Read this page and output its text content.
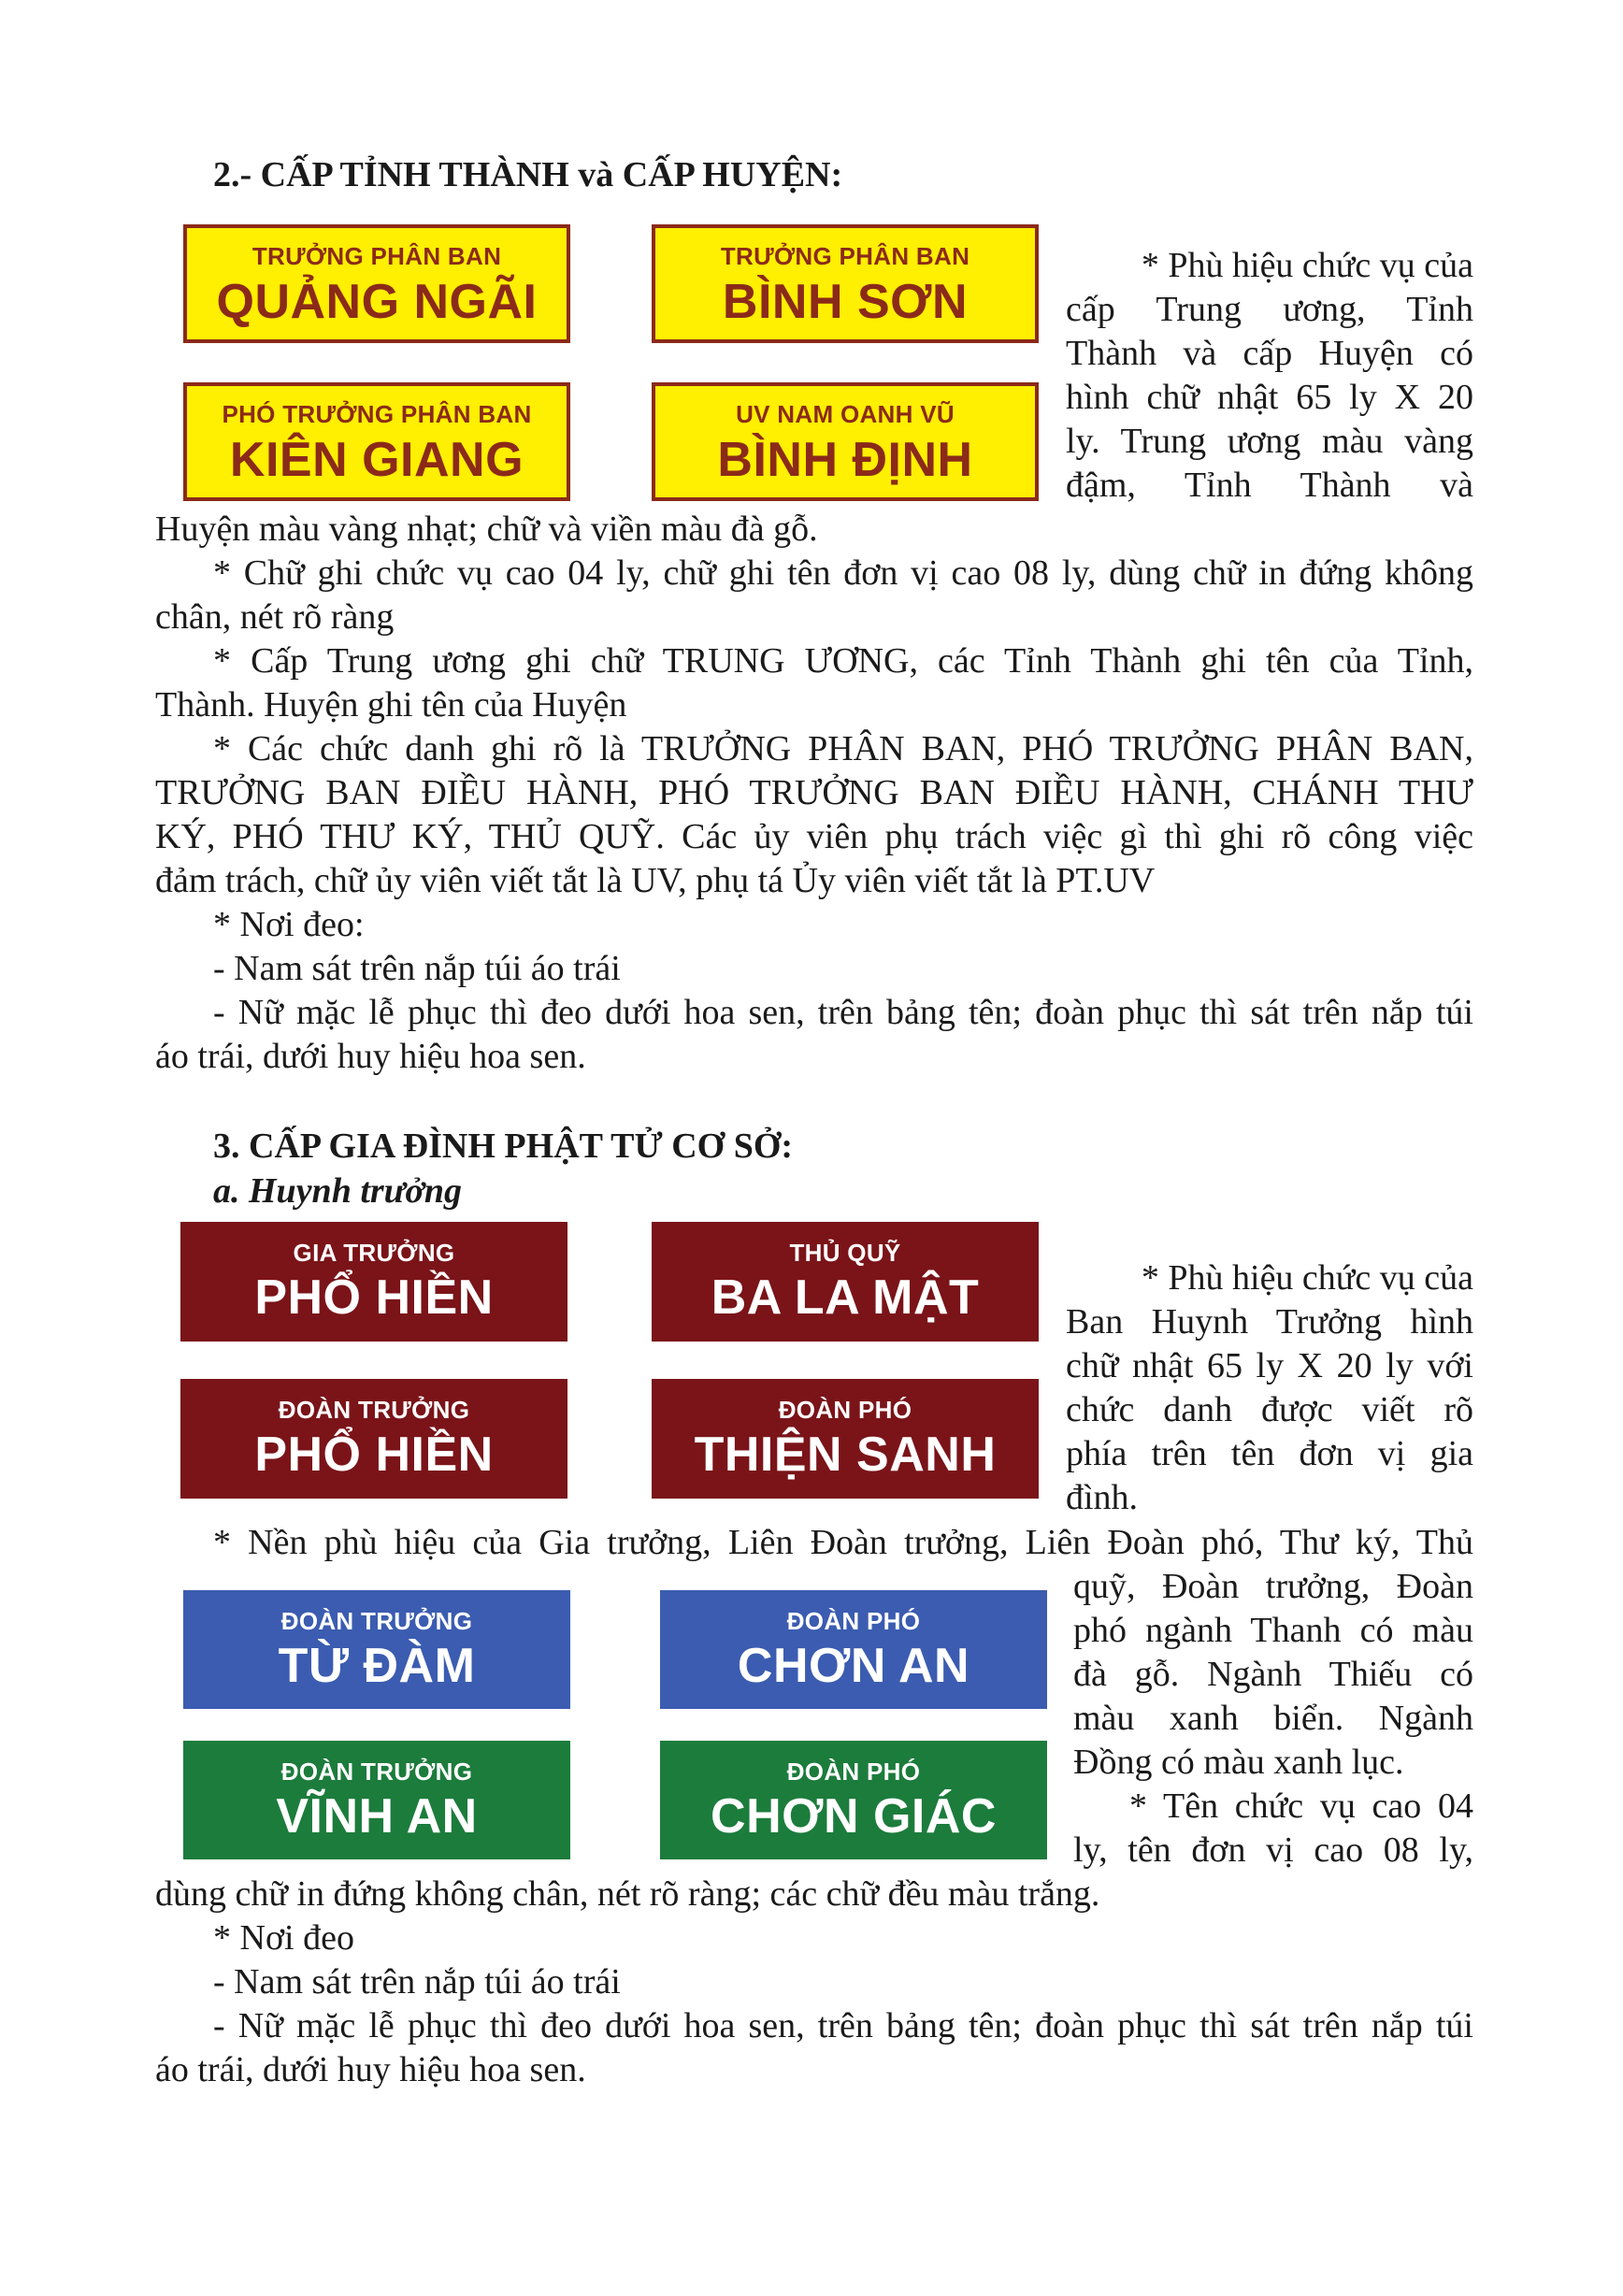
2.- CẤP TỈNH THÀNH và CẤP HUYỆN:
TRƯỞNG PHÂN BAN
QUẢNG NGÃI
TRƯỞNG PHÂN BAN
BÌNH SƠN
PHÓ TRƯỞNG PHÂN BAN
KIÊN GIANG
UV NAM OANH VŨ
BÌNH ĐỊNH
* Phù hiệu chức vụ của
cấp Trung ương, Tỉnh
Thành và cấp Huyện có
hình chữ nhật 65 ly X 20
ly. Trung ương màu vàng
đậm, Tỉnh Thành và
Huyện màu vàng nhạt; chữ và viền màu đà gỗ.
* Chữ ghi chức vụ cao 04 ly, chữ ghi tên đơn vị cao 08 ly, dùng chữ in đứng không
chân, nét rõ ràng
* Cấp Trung ương ghi chữ TRUNG ƯƠNG, các Tỉnh Thành ghi tên của Tỉnh,
Thành. Huyện ghi tên của Huyện
* Các chức danh ghi rõ là TRƯỞNG PHÂN BAN, PHÓ TRƯỞNG PHÂN BAN,
TRƯỞNG BAN ĐIỀU HÀNH, PHÓ TRƯỞNG BAN ĐIỀU HÀNH, CHÁNH THƯ
KÝ, PHÓ THƯ KÝ, THỦ QUỸ. Các ủy viên phụ trách việc gì thì ghi rõ công việc
đảm trách, chữ ủy viên viết tắt là UV, phụ tá Ủy viên viết tắt là PT.UV
* Nơi đeo:
- Nam sát trên nắp túi áo trái
- Nữ mặc lễ phục thì đeo dưới hoa sen, trên bảng tên; đoàn phục thì sát trên nắp túi
áo trái, dưới huy hiệu hoa sen.
3. CẤP GIA ĐÌNH PHẬT TỬ CƠ SỞ:
a. Huynh trưởng
GIA TRƯỞNG
PHỔ HIỀN
THỦ QUỸ
BA LA MẬT
ĐOÀN TRƯỞNG
PHỔ HIỀN
ĐOÀN PHÓ
THIỆN SANH
* Phù hiệu chức vụ của
Ban Huynh Trưởng hình
chữ nhật 65 ly X 20 ly với
chức danh được viết rõ
phía trên tên đơn vị gia
đình.
* Nền phù hiệu của Gia trưởng, Liên Đoàn trưởng, Liên Đoàn phó, Thư ký, Thủ
ĐOÀN TRƯỞNG
TỪ ĐÀM
ĐOÀN PHÓ
CHƠN AN
ĐOÀN TRƯỞNG
VĨNH AN
ĐOÀN PHÓ
CHƠN GIÁC
quỹ, Đoàn trưởng, Đoàn
phó ngành Thanh có màu
đà gỗ. Ngành Thiếu có
màu xanh biển. Ngành
Đồng có màu xanh lục.
* Tên chức vụ cao 04
ly, tên đơn vị cao 08 ly,
dùng chữ in đứng không chân, nét rõ ràng; các chữ đều màu trắng.
* Nơi đeo
- Nam sát trên nắp túi áo trái
- Nữ mặc lễ phục thì đeo dưới hoa sen, trên bảng tên; đoàn phục thì sát trên nắp túi
áo trái, dưới huy hiệu hoa sen.
